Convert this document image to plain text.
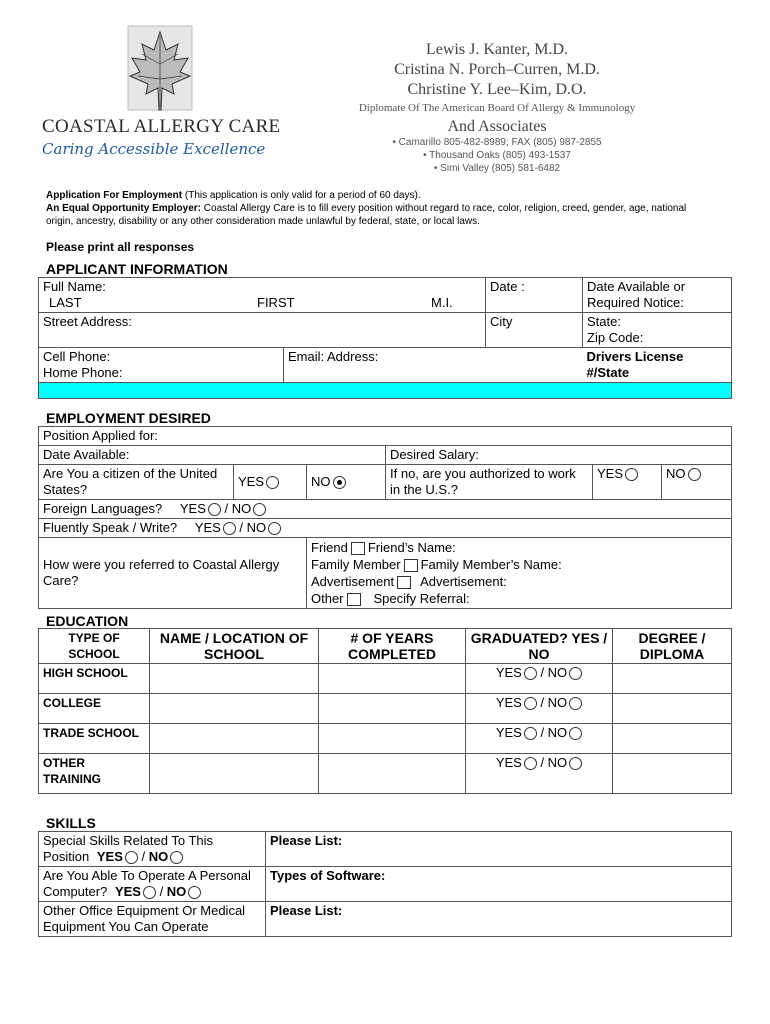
COASTAL ALLERGY CARE
Caring Accessible Excellence
Lewis J. Kanter, M.D.
Cristina N. Porch–Curren, M.D.
Christine Y. Lee–Kim, D.O.
Diplomate Of The American Board Of Allergy & Immunology
And Associates
• Camarillo 805-482-8989; FAX (805) 987-2855
• Thousand Oaks (805) 493-1537
• Simi Valley (805) 581-6482
Application For Employment (This application is only valid for a period of 60 days).
An Equal Opportunity Employer: Coastal Allergy Care is to fill every position without regard to race, color, religion, creed, gender, age, national origin, ancestry, disability or any other consideration made unlawful by federal, state, or local laws.
Please print all responses
APPLICANT INFORMATION
Full Name:
LAST FIRST M.I.		Date :	Date Available or Required Notice:
Street Address:		City	State:
Zip Code:

Cell Phone:
Home Phone:	Email: Address:		Drivers License #/State

EMPLOYMENT DESIRED
Position Applied for:					
Date Available:			Desired Salary:		
Are You a citizen of the United States?	YES	NO	If no, are you authorized to work in the U.S.?	YES	NO
Foreign Languages? YES / NO					
Fluently Speak / Write? YES / NO					
How were you referred to Coastal Allergy Care?		Friend Friend’s Name:
Family Member Family Member’s Name:
Advertisement Advertisement:
Other Specify Referral:			
EDUCATION
TYPE OF SCHOOL	NAME / LOCATION OF SCHOOL	# OF YEARS COMPLETED	GRADUATED? YES / NO	DEGREE / DIPLOMA
HIGH SCHOOL			YES / NO	
COLLEGE			YES / NO	
TRADE SCHOOL			YES / NO	
OTHER TRAINING			YES / NO	
SKILLS
Special Skills Related To This Position YES / NO	Please List:
Are You Able To Operate A Personal Computer? YES / NO	Types of Software:
Other Office Equipment Or Medical Equipment You Can Operate	Please List:
